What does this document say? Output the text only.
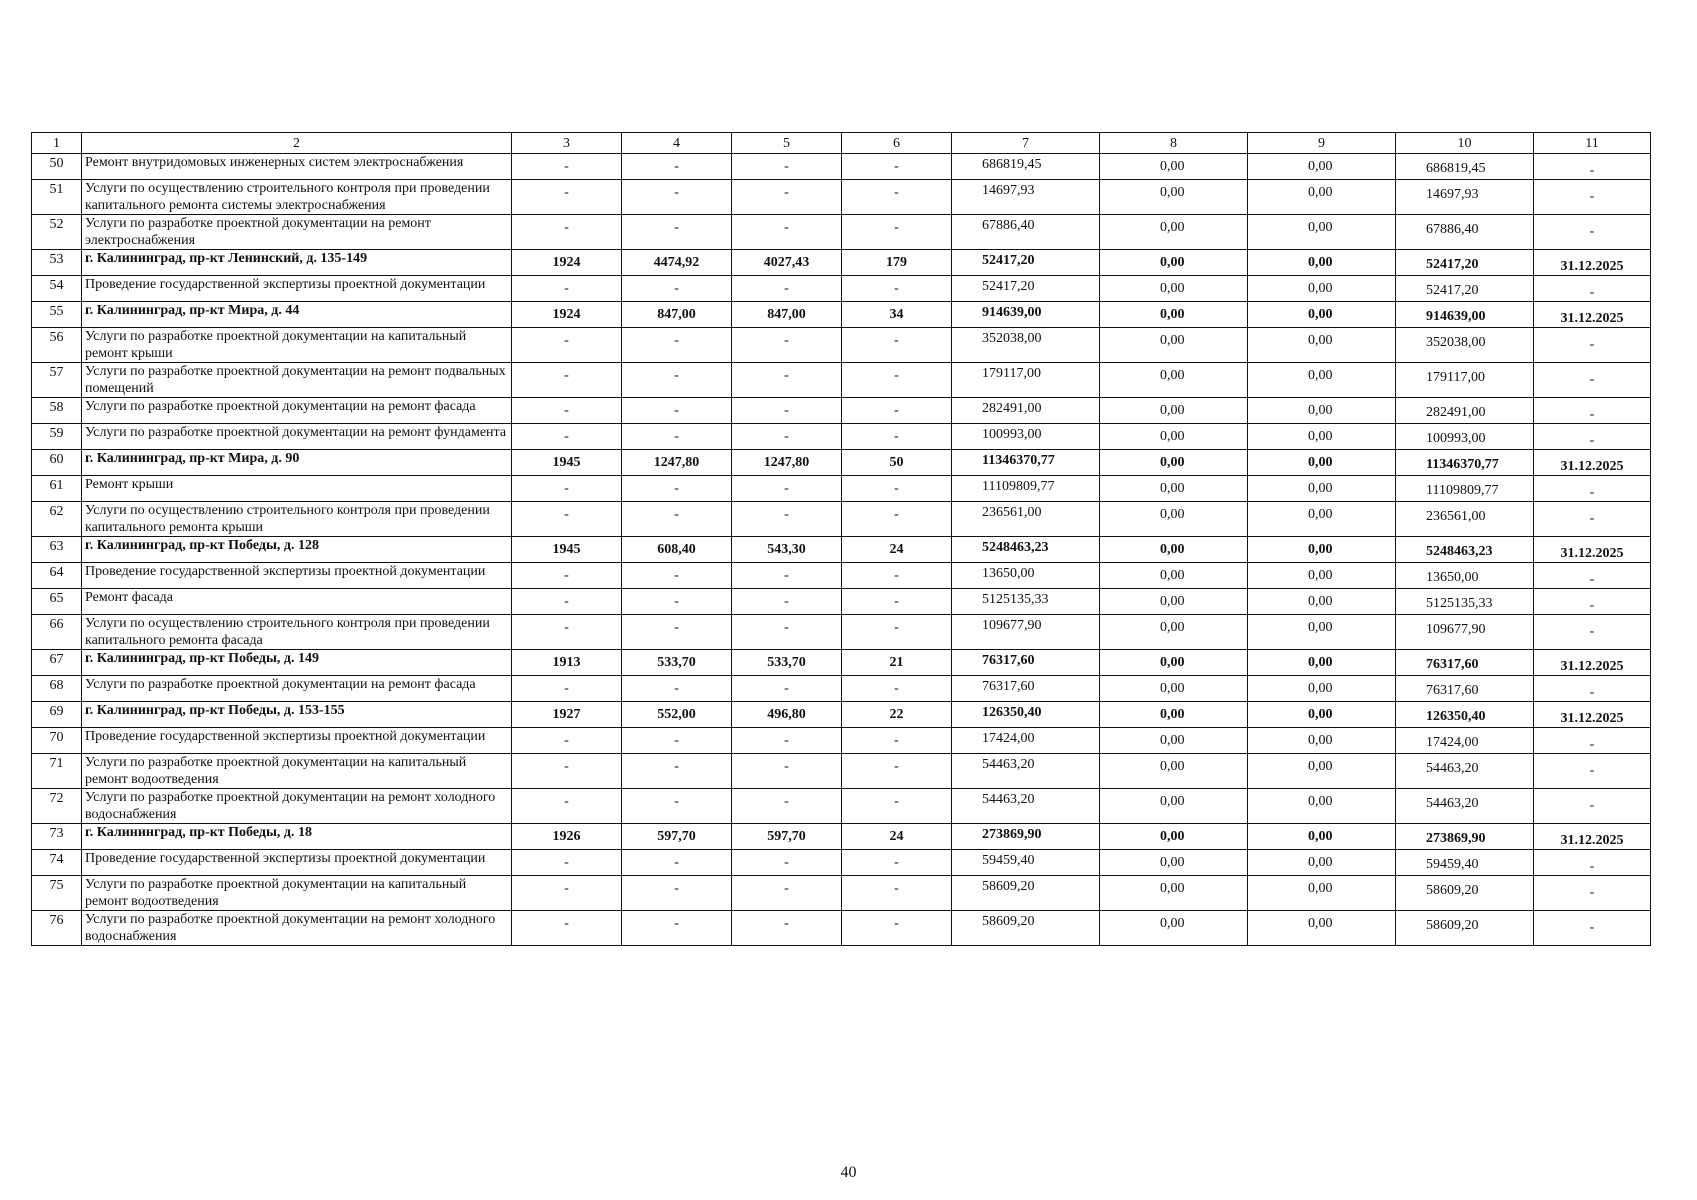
1	2	3	4	5	6	7	8	9	10	11
50	Ремонт внутридомовых инженерных систем электроснабжения	-	-	-	-	686819,45	0,00	0,00	686819,45	-
51	Услуги по осуществлению строительного контроля при проведении капитального ремонта системы электроснабжения	-	-	-	-	14697,93	0,00	0,00	14697,93	-
52	Услуги по разработке проектной документации на ремонт электроснабжения	-	-	-	-	67886,40	0,00	0,00	67886,40	-
53	г. Калининград, пр-кт Ленинский, д. 135-149	1924	4474,92	4027,43	179	52417,20	0,00	0,00	52417,20	31.12.2025
54	Проведение государственной экспертизы проектной документации	-	-	-	-	52417,20	0,00	0,00	52417,20	-
55	г. Калининград, пр-кт Мира, д. 44	1924	847,00	847,00	34	914639,00	0,00	0,00	914639,00	31.12.2025
56	Услуги по разработке проектной документации на капитальный ремонт крыши	-	-	-	-	352038,00	0,00	0,00	352038,00	-
57	Услуги по разработке проектной документации на ремонт подвальных помещений	-	-	-	-	179117,00	0,00	0,00	179117,00	-
58	Услуги по разработке проектной документации на ремонт фасада	-	-	-	-	282491,00	0,00	0,00	282491,00	-
59	Услуги по разработке проектной документации на ремонт фундамента	-	-	-	-	100993,00	0,00	0,00	100993,00	-
60	г. Калининград, пр-кт Мира, д. 90	1945	1247,80	1247,80	50	11346370,77	0,00	0,00	11346370,77	31.12.2025
61	Ремонт крыши	-	-	-	-	11109809,77	0,00	0,00	11109809,77	-
62	Услуги по осуществлению строительного контроля при проведении капитального ремонта крыши	-	-	-	-	236561,00	0,00	0,00	236561,00	-
63	г. Калининград, пр-кт Победы, д. 128	1945	608,40	543,30	24	5248463,23	0,00	0,00	5248463,23	31.12.2025
64	Проведение государственной экспертизы проектной документации	-	-	-	-	13650,00	0,00	0,00	13650,00	-
65	Ремонт фасада	-	-	-	-	5125135,33	0,00	0,00	5125135,33	-
66	Услуги по осуществлению строительного контроля при проведении капитального ремонта фасада	-	-	-	-	109677,90	0,00	0,00	109677,90	-
67	г. Калининград, пр-кт Победы, д. 149	1913	533,70	533,70	21	76317,60	0,00	0,00	76317,60	31.12.2025
68	Услуги по разработке проектной документации на ремонт фасада	-	-	-	-	76317,60	0,00	0,00	76317,60	-
69	г. Калининград, пр-кт Победы, д. 153-155	1927	552,00	496,80	22	126350,40	0,00	0,00	126350,40	31.12.2025
70	Проведение государственной экспертизы проектной документации	-	-	-	-	17424,00	0,00	0,00	17424,00	-
71	Услуги по разработке проектной документации на капитальный ремонт водоотведения	-	-	-	-	54463,20	0,00	0,00	54463,20	-
72	Услуги по разработке проектной документации на ремонт холодного водоснабжения	-	-	-	-	54463,20	0,00	0,00	54463,20	-
73	г. Калининград, пр-кт Победы, д. 18	1926	597,70	597,70	24	273869,90	0,00	0,00	273869,90	31.12.2025
74	Проведение государственной экспертизы проектной документации	-	-	-	-	59459,40	0,00	0,00	59459,40	-
75	Услуги по разработке проектной документации на капитальный ремонт водоотведения	-	-	-	-	58609,20	0,00	0,00	58609,20	-
76	Услуги по разработке проектной документации на ремонт холодного водоснабжения	-	-	-	-	58609,20	0,00	0,00	58609,20	-
40
